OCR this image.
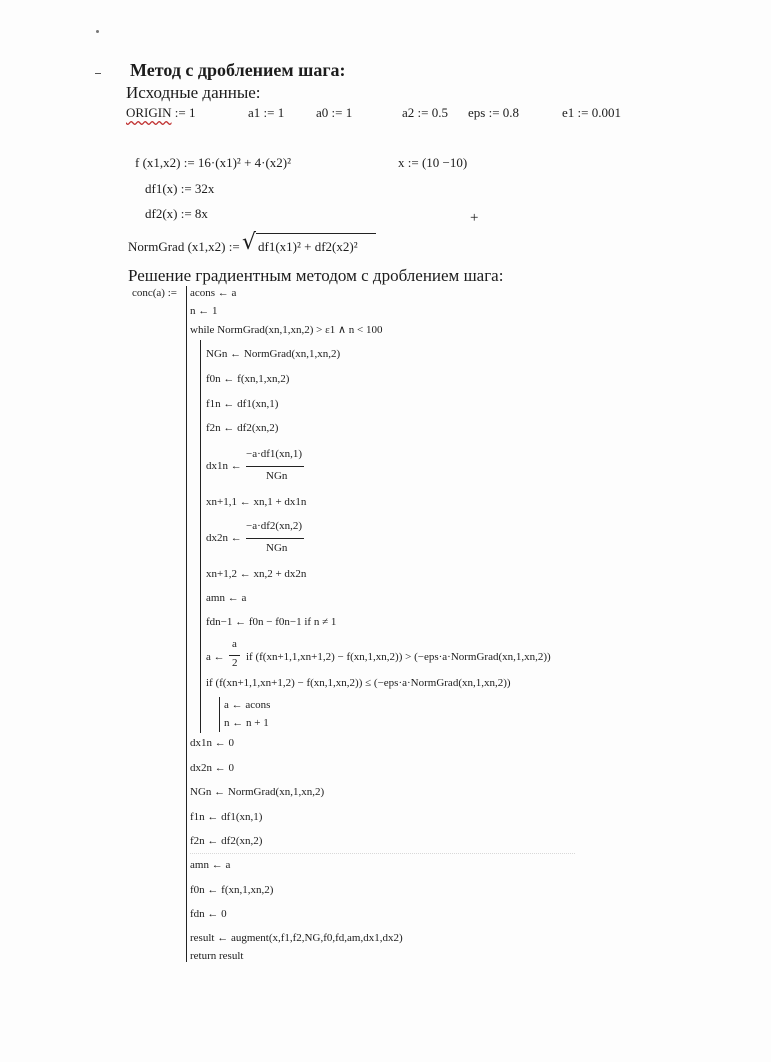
Метод с дроблением шага:
Исходные данные:
ORIGIN := 1	a1 := 1 a0 := 1	a2 := 0.5 eps := 0.8	e1 := 0.001
f (x1,x2) := 16·(x1)² + 4·(x2)²	x := (10 −10)
df1(x) := 32x
df2(x) := 8x	+
NormGrad (x1,x2) := √ df1(x1)² + df2(x2)²
Решение градиентным методом с дроблением шага:
conc(a) := acons ← a
n ← 1
while NormGrad(xn,1,xn,2) > ε1 ∧ n < 100
NGn ← NormGrad(xn,1,xn,2)
f0n ← f(xn,1,xn,2)
f1n ← df1(xn,1)
f2n ← df2(xn,2)
dx1n ←
−a·df1(xn,1)
NGn
xn+1,1 ← xn,1 + dx1n
dx2n ←
−a·df2(xn,2)
NGn
xn+1,2 ← xn,2 + dx2n
amn ← a
fdn−1 ← f0n − f0n−1 if n ≠ 1
a ←
a
2 if (f(xn+1,1,xn+1,2) − f(xn,1,xn,2)) > (−eps·a·NormGrad(xn,1,xn,2))
if (f(xn+1,1,xn+1,2) − f(xn,1,xn,2)) ≤ (−eps·a·NormGrad(xn,1,xn,2))
a ← acons
n ← n + 1
dx1n ← 0
dx2n ← 0
NGn ← NormGrad(xn,1,xn,2)
f1n ← df1(xn,1)
f2n ← df2(xn,2)
amn ← a
f0n ← f(xn,1,xn,2)
fdn ← 0
result ← augment(x,f1,f2,NG,f0,fd,am,dx1,dx2)
return result
